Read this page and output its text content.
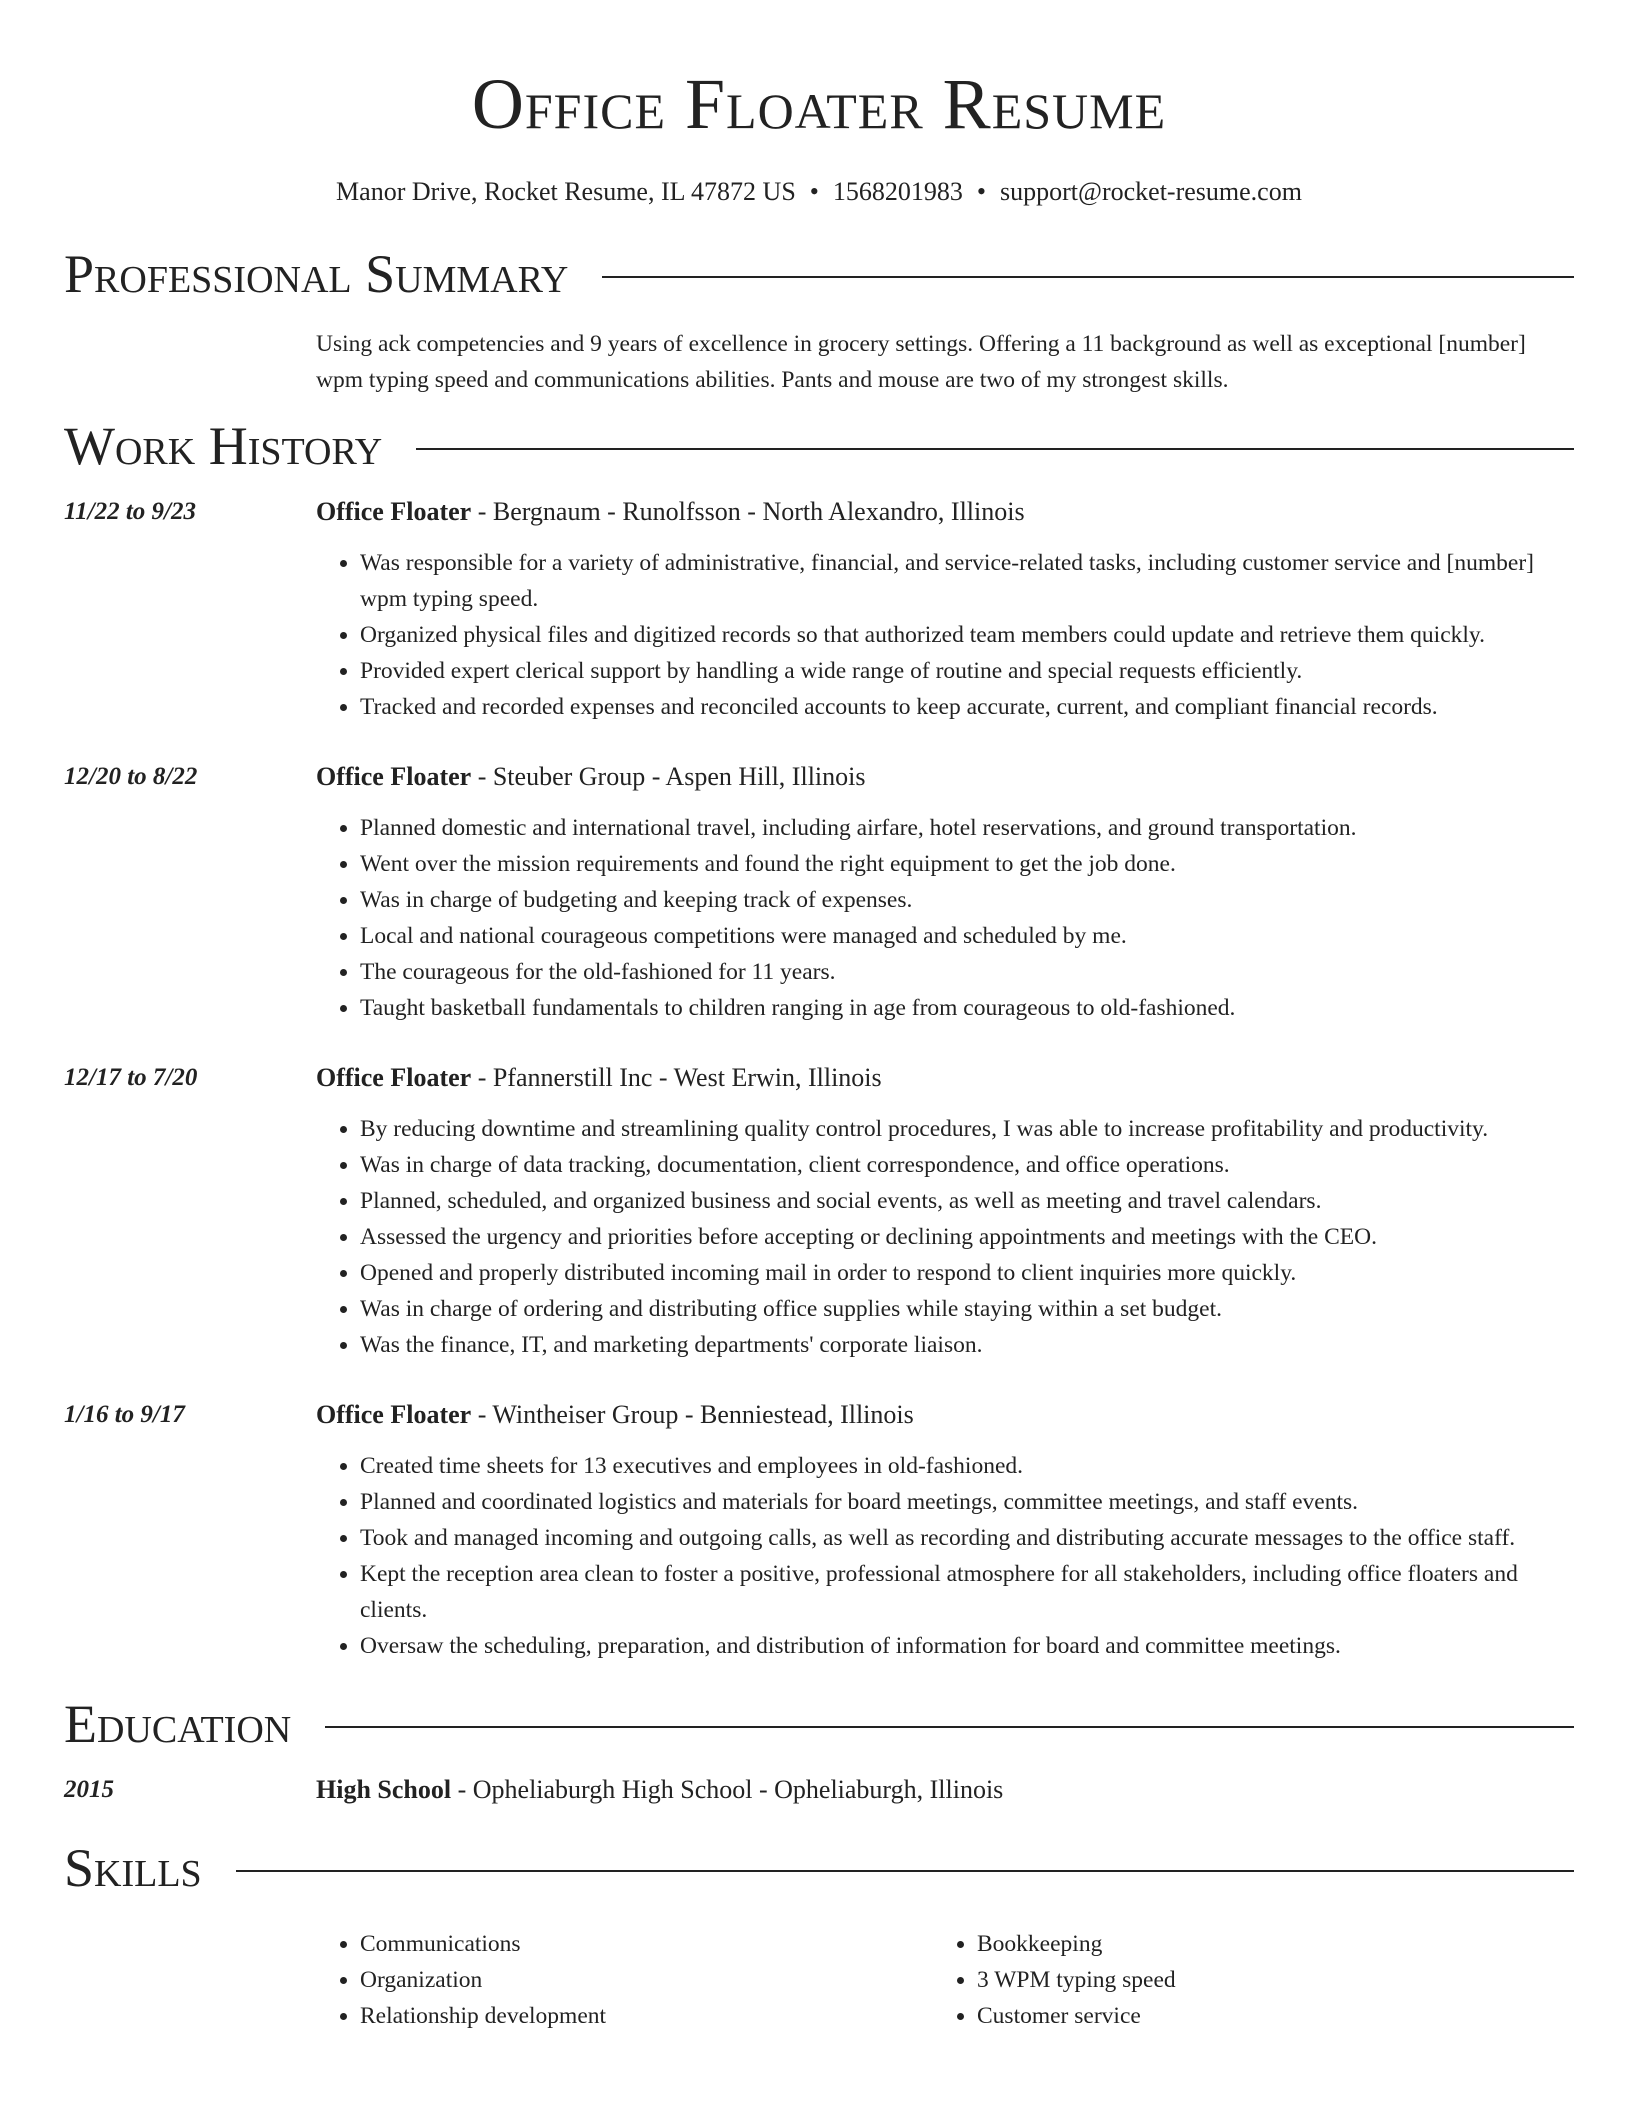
Office Floater Resume
Manor Drive, Rocket Resume, IL 47872 US • 1568201983 • support@rocket-resume.com
Professional Summary
Using ack competencies and 9 years of excellence in grocery settings. Offering a 11 background as well as exceptional [number] wpm typing speed and communications abilities. Pants and mouse are two of my strongest skills.
Work History
11/22 to 9/23	Office Floater - Bergnaum - Runolfsson - North Alexandro, Illinois
• Was responsible for a variety of administrative, financial, and service-related tasks, including customer service and [number] wpm typing speed.
• Organized physical files and digitized records so that authorized team members could update and retrieve them quickly.
• Provided expert clerical support by handling a wide range of routine and special requests efficiently.
• Tracked and recorded expenses and reconciled accounts to keep accurate, current, and compliant financial records.
12/20 to 8/22	Office Floater - Steuber Group - Aspen Hill, Illinois
• Planned domestic and international travel, including airfare, hotel reservations, and ground transportation.
• Went over the mission requirements and found the right equipment to get the job done.
• Was in charge of budgeting and keeping track of expenses.
• Local and national courageous competitions were managed and scheduled by me.
• The courageous for the old-fashioned for 11 years.
• Taught basketball fundamentals to children ranging in age from courageous to old-fashioned.
12/17 to 7/20	Office Floater - Pfannerstill Inc - West Erwin, Illinois
• By reducing downtime and streamlining quality control procedures, I was able to increase profitability and productivity.
• Was in charge of data tracking, documentation, client correspondence, and office operations.
• Planned, scheduled, and organized business and social events, as well as meeting and travel calendars.
• Assessed the urgency and priorities before accepting or declining appointments and meetings with the CEO.
• Opened and properly distributed incoming mail in order to respond to client inquiries more quickly.
• Was in charge of ordering and distributing office supplies while staying within a set budget.
• Was the finance, IT, and marketing departments' corporate liaison.
1/16 to 9/17	Office Floater - Wintheiser Group - Benniestead, Illinois
• Created time sheets for 13 executives and employees in old-fashioned.
• Planned and coordinated logistics and materials for board meetings, committee meetings, and staff events.
• Took and managed incoming and outgoing calls, as well as recording and distributing accurate messages to the office staff.
• Kept the reception area clean to foster a positive, professional atmosphere for all stakeholders, including office floaters and clients.
• Oversaw the scheduling, preparation, and distribution of information for board and committee meetings.
Education
2015	High School - Opheliaburgh High School - Opheliaburgh, Illinois
Skills
• Communications
• Organization
• Relationship development
• Bookkeeping
• 3 WPM typing speed
• Customer service
